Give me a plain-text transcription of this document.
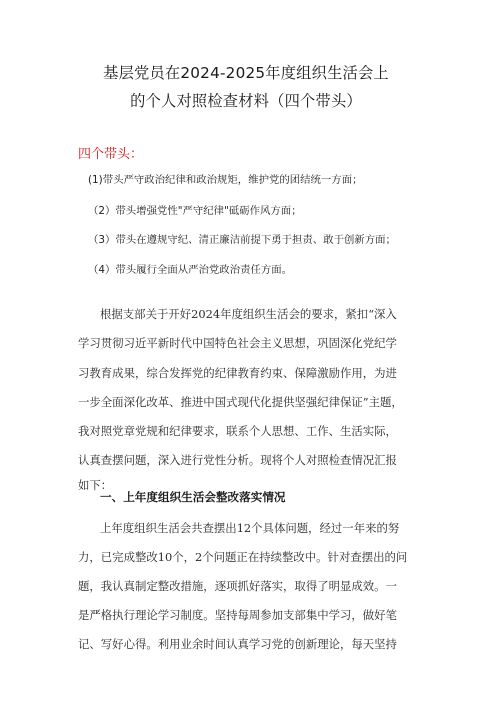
基层党员在2024-2025年度组织生活会上
的个人对照检查材料（四个带头）
四个带头：
(1)带头严守政治纪律和政治规矩，维护党的团结统一方面；
（2）带头增强党性"严守纪律"砥砺作风方面；
（3）带头在遵规守纪、清正廉洁前提下勇于担责、敢于创新方面；
（4）带头履行全面从严治党政治责任方面。
根据支部关于开好2024年度组织生活会的要求，紧扣“深入
学习贯彻习近平新时代中国特色社会主义思想，巩固深化党纪学
习教育成果，综合发挥党的纪律教育约束、保障激励作用，为进
一步全面深化改革、推进中国式现代化提供坚强纪律保证”主题，
我对照党章党规和纪律要求，联系个人思想、工作、生活实际，
认真查摆问题，深入进行党性分析。现将个人对照检查情况汇报
如下：
一、上年度组织生活会整改落实情况
上年度组织生活会共查摆出12个具体问题，经过一年来的努
力，已完成整改10个，2个问题正在持续整改中。针对查摆出的问
题，我认真制定整改措施，逐项抓好落实，取得了明显成效。一
是严格执行理论学习制度。坚持每周参加支部集中学习，做好笔
记、写好心得。利用业余时间认真学习党的创新理论，每天坚持
